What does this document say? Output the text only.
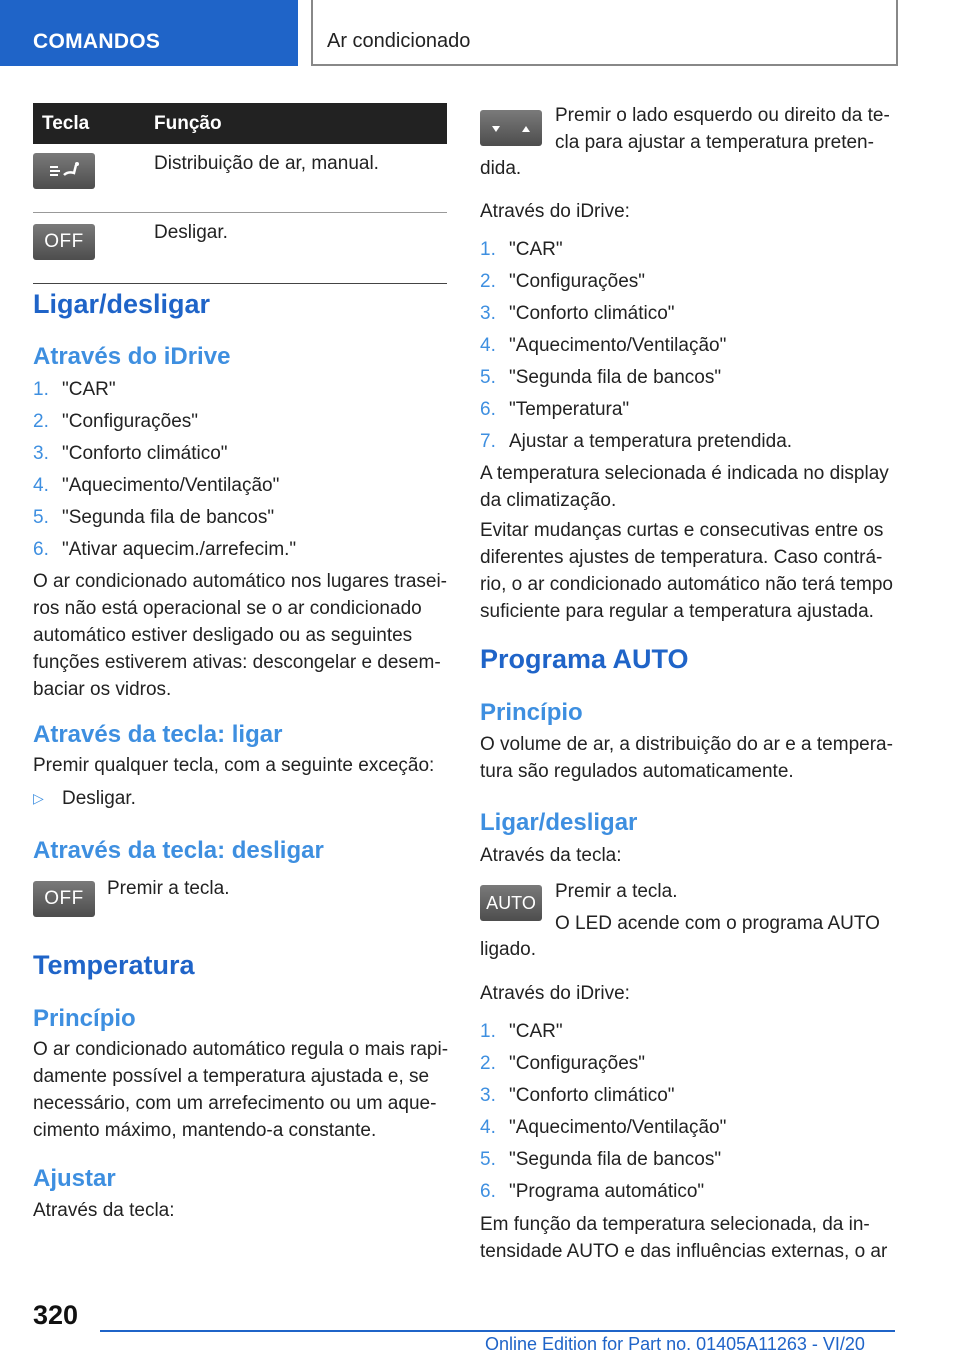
COMANDOS	Ar condicionado
Tecla	Função
	Distribuição de ar, manual.
OFF	Desligar.
Ligar/desligar
Através do iDrive
1. "CAR"
2. "Configurações"
3. "Conforto climático"
4. "Aquecimento/Ventilação"
5. "Segunda fila de bancos"
6. "Ativar aquecim./arrefecim."
O ar condicionado automático nos lugares trasei-
ros não está operacional se o ar condicionado
automático estiver desligado ou as seguintes
funções estiverem ativas: descongelar e desem-
baciar os vidros.
Através da tecla: ligar
Premir qualquer tecla, com a seguinte exceção:
▷ Desligar.
Através da tecla: desligar
OFF	Premir a tecla.
Temperatura
Princípio
O ar condicionado automático regula o mais rapi-
damente possível a temperatura ajustada e, se
necessário, com um arrefecimento ou um aque-
cimento máximo, mantendo-a constante.
Ajustar
Através da tecla:
Premir o lado esquerdo ou direito da te-
cla para ajustar a temperatura preten-
dida.
Através do iDrive:
1. "CAR"
2. "Configurações"
3. "Conforto climático"
4. "Aquecimento/Ventilação"
5. "Segunda fila de bancos"
6. "Temperatura"
7. Ajustar a temperatura pretendida.
A temperatura selecionada é indicada no display
da climatização.
Evitar mudanças curtas e consecutivas entre os
diferentes ajustes de temperatura. Caso contrá-
rio, o ar condicionado automático não terá tempo
suficiente para regular a temperatura ajustada.
Programa AUTO
Princípio
O volume de ar, a distribuição do ar e a tempera-
tura são regulados automaticamente.
Ligar/desligar
Através da tecla:
AUTO
Premir a tecla.
O LED acende com o programa AUTO
ligado.
Através do iDrive:
1. "CAR"
2. "Configurações"
3. "Conforto climático"
4. "Aquecimento/Ventilação"
5. "Segunda fila de bancos"
6. "Programa automático"
Em função da temperatura selecionada, da in-
tensidade AUTO e das influências externas, o ar
320
Online Edition for Part no. 01405A11263 - VI/20
